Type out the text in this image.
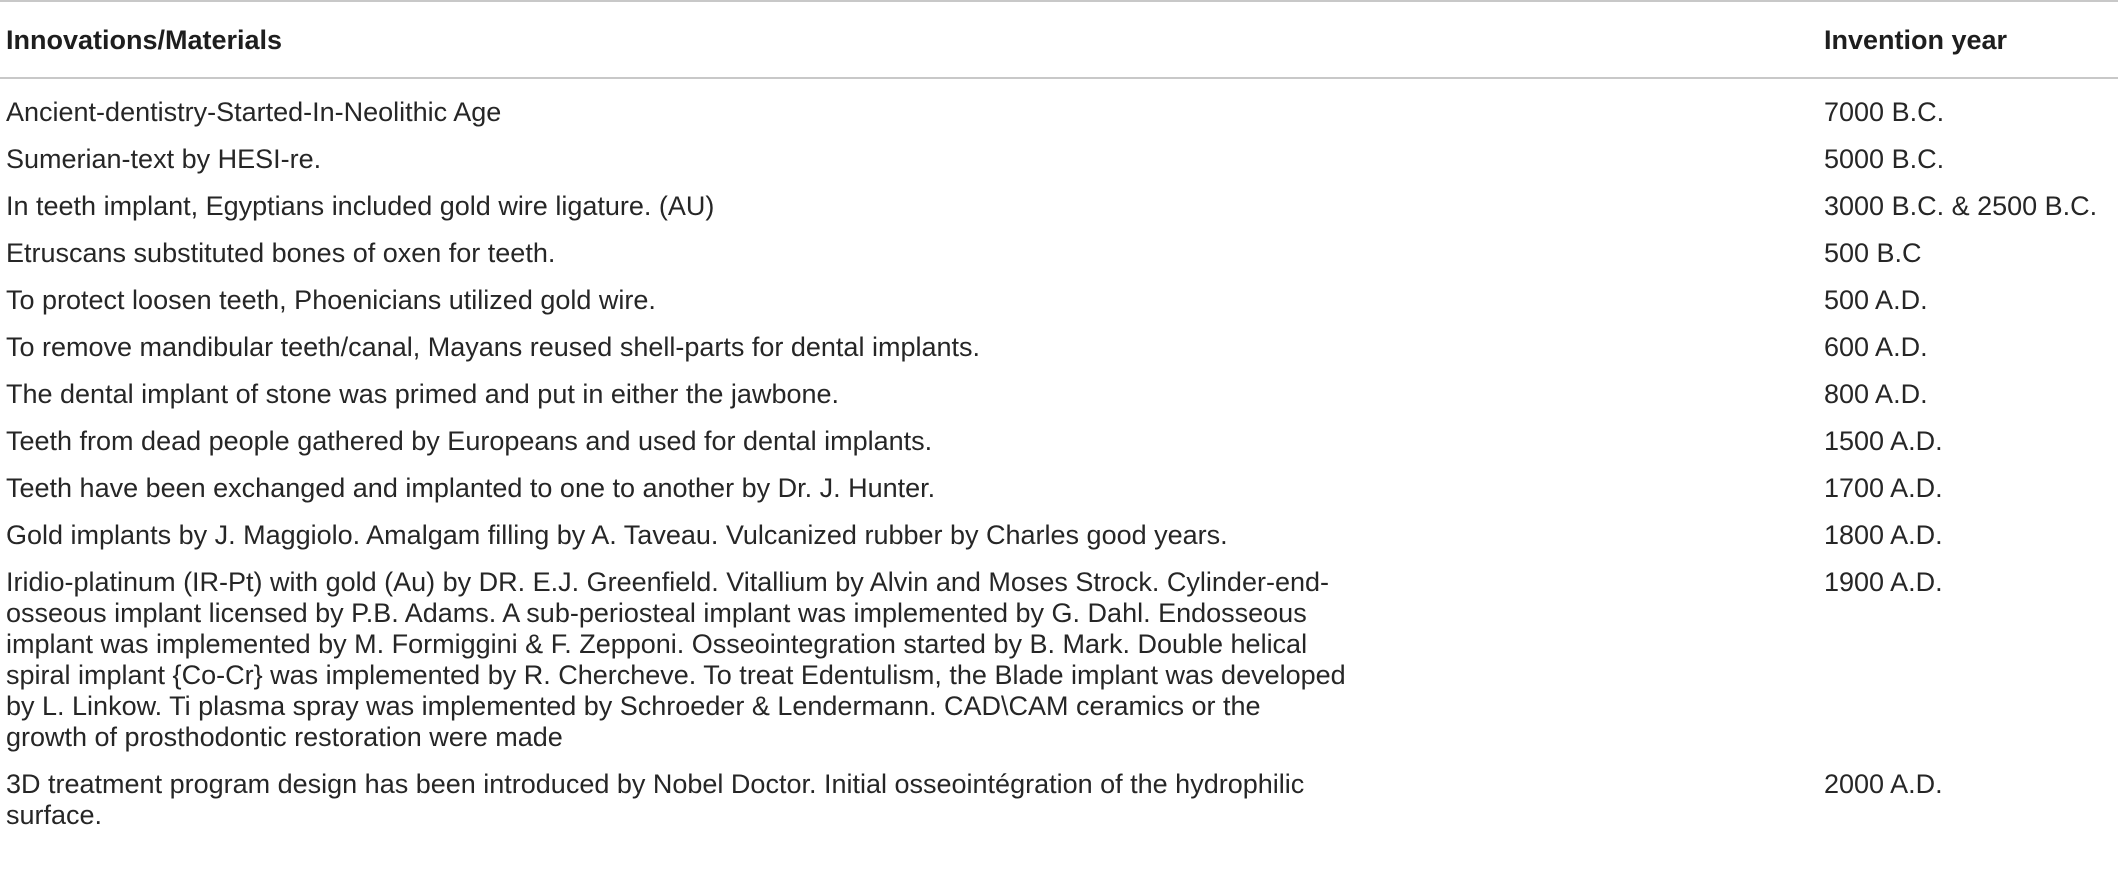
Innovations/Materials	Invention year

Ancient-dentistry-Started-In-Neolithic Age	7000 B.C.

Sumerian-text by HESI-re.	5000 B.C.

In teeth implant, Egyptians included gold wire ligature. (AU)	3000 B.C. & 2500 B.C.

Etruscans substituted bones of oxen for teeth.	500 B.C

To protect loosen teeth, Phoenicians utilized gold wire.	500 A.D.

To remove mandibular teeth/canal, Mayans reused shell-parts for dental implants.	600 A.D.

The dental implant of stone was primed and put in either the jawbone.	800 A.D.

Teeth from dead people gathered by Europeans and used for dental implants.	1500 A.D.

Teeth have been exchanged and implanted to one to another by Dr. J. Hunter.	1700 A.D.

Gold implants by J. Maggiolo. Amalgam filling by A. Taveau. Vulcanized rubber by Charles good years.	1800 A.D.

Iridio-platinum (IR-Pt) with gold (Au) by DR. E.J. Greenfield. Vitallium by Alvin and Moses Strock. Cylinder-end-osseous implant licensed by P.B. Adams. A sub-periosteal implant was implemented by G. Dahl. Endosseous implant was implemented by M. Formiggini & F. Zepponi. Osseointegration started by B. Mark. Double helical spiral implant {Co-Cr} was implemented by R. Chercheve. To treat Edentulism, the Blade implant was developed by L. Linkow. Ti plasma spray was implemented by Schroeder & Lendermann. CAD\CAM ceramics or the growth of prosthodontic restoration were made	1900 A.D.

3D treatment program design has been introduced by Nobel Doctor. Initial osseointégration of the hydrophilic surface.	2000 A.D.
